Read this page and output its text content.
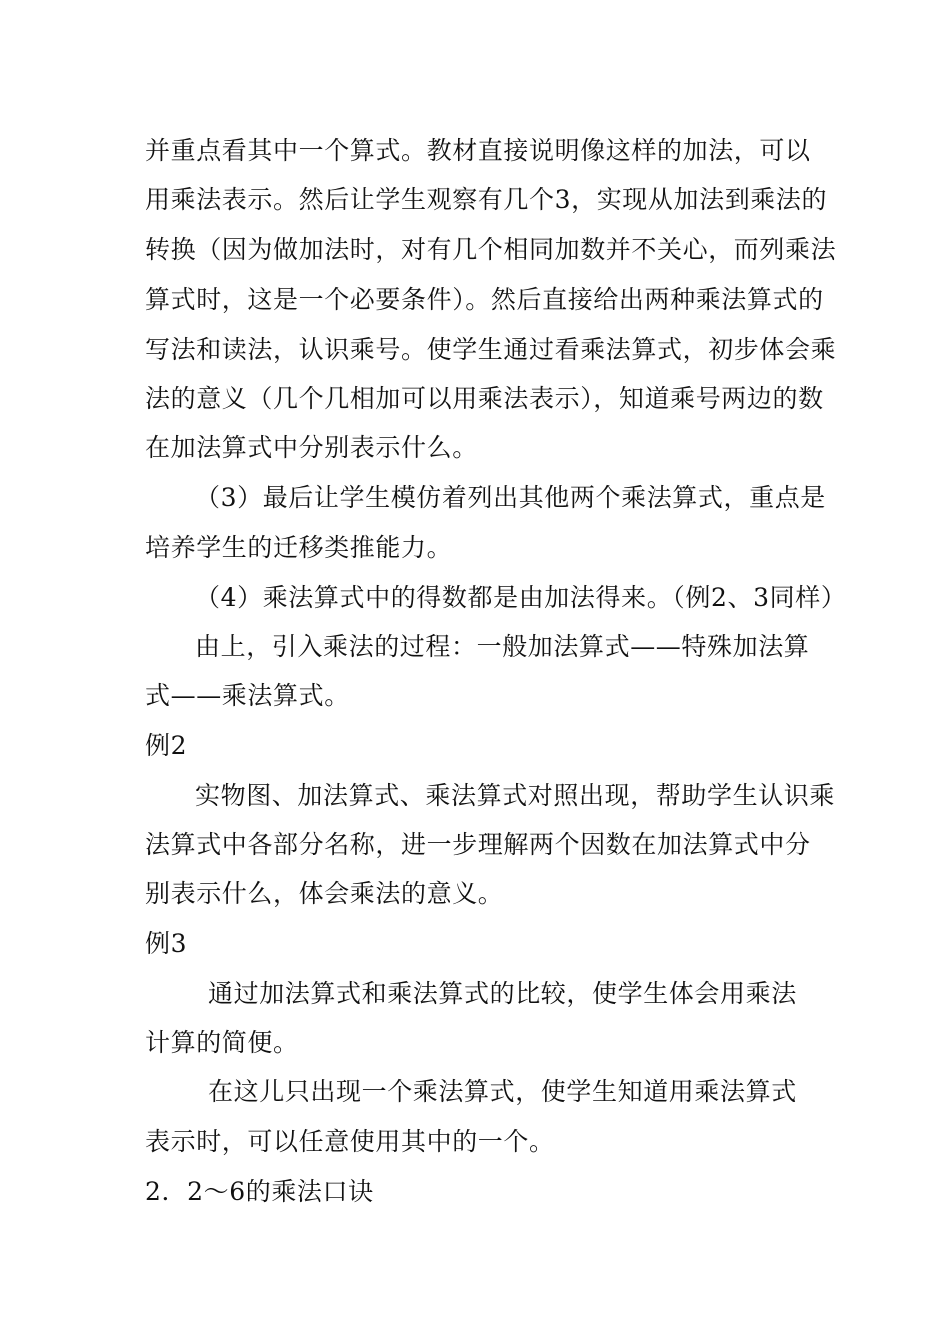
并重点看其中一个算式。教材直接说明像这样的加法，可以
用乘法表示。然后让学生观察有几个3，实现从加法到乘法的
转换（因为做加法时，对有几个相同加数并不关心，而列乘法
算式时，这是一个必要条件）。然后直接给出两种乘法算式的
写法和读法，认识乘号。使学生通过看乘法算式，初步体会乘
法的意义（几个几相加可以用乘法表示），知道乘号两边的数
在加法算式中分别表示什么。
（3）最后让学生模仿着列出其他两个乘法算式，重点是
培养学生的迁移类推能力。
（4）乘法算式中的得数都是由加法得来。（例2、3同样）
由上，引入乘法的过程：一般加法算式——特殊加法算
式——乘法算式。
例2
实物图、加法算式、乘法算式对照出现，帮助学生认识乘
法算式中各部分名称，进一步理解两个因数在加法算式中分
别表示什么，体会乘法的意义。
例3
通过加法算式和乘法算式的比较，使学生体会用乘法
计算的简便。
在这儿只出现一个乘法算式，使学生知道用乘法算式
表示时，可以任意使用其中的一个。
2．2～6的乘法口诀
